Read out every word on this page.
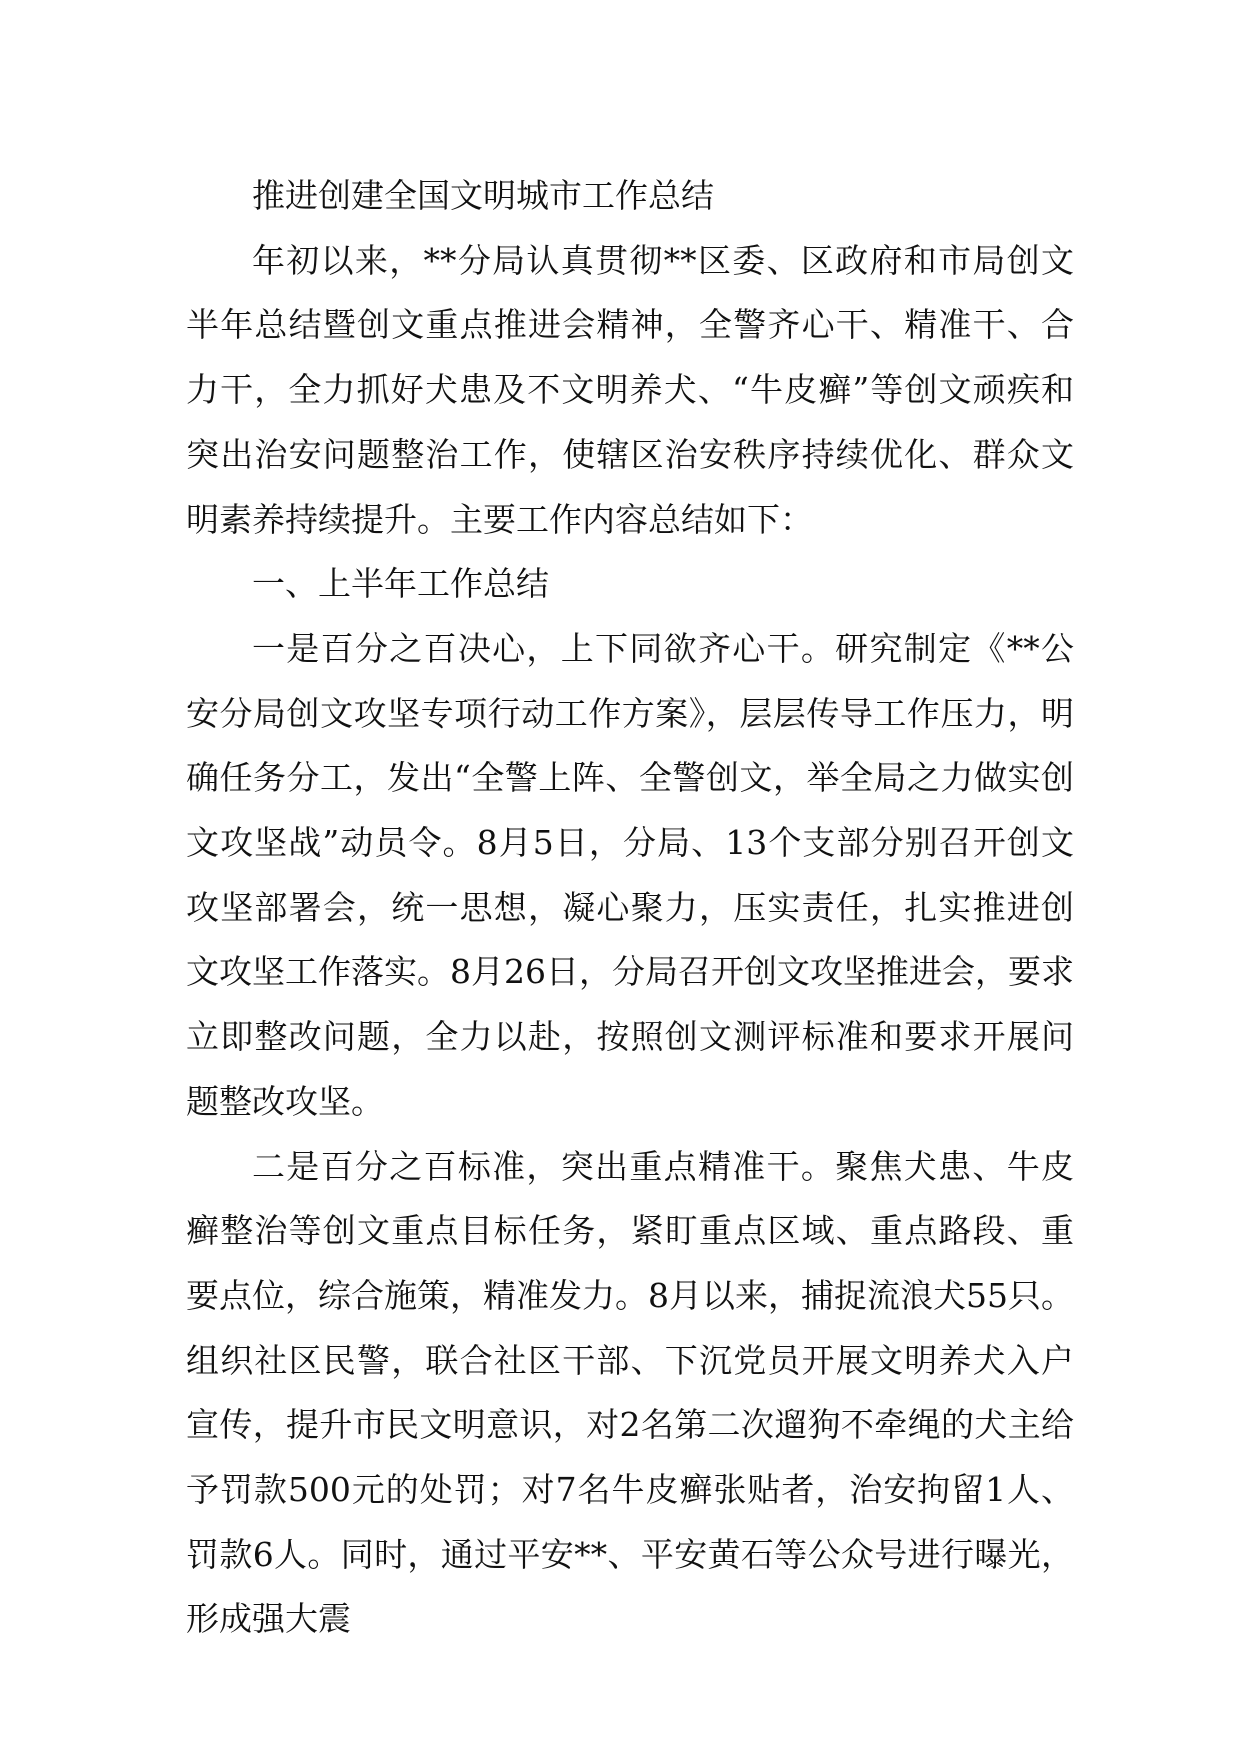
推进创建全国文明城市工作总结

年初以来，**分局认真贯彻**区委、区政府和市局创文半年总结暨创文重点推进会精神，全警齐心干、精准干、合力干，全力抓好犬患及不文明养犬、“牛皮癣”等创文顽疾和突出治安问题整治工作，使辖区治安秩序持续优化、群众文明素养持续提升。主要工作内容总结如下：

一、上半年工作总结

一是百分之百决心，上下同欲齐心干。研究制定《**公安分局创文攻坚专项行动工作方案》，层层传导工作压力，明确任务分工，发出“全警上阵、全警创文，举全局之力做实创文攻坚战”动员令。8月5日，分局、13个支部分别召开创文攻坚部署会，统一思想，凝心聚力，压实责任，扎实推进创文攻坚工作落实。8月26日，分局召开创文攻坚推进会，要求立即整改问题，全力以赴，按照创文测评标准和要求开展问题整改攻坚。

二是百分之百标准，突出重点精准干。聚焦犬患、牛皮癣整治等创文重点目标任务，紧盯重点区域、重点路段、重要点位，综合施策，精准发力。8月以来，捕捉流浪犬55只。组织社区民警，联合社区干部、下沉党员开展文明养犬入户宣传，提升市民文明意识，对2名第二次遛狗不牵绳的犬主给予罚款500元的处罚；对7名牛皮癣张贴者，治安拘留1人、罚款6人。同时，通过平安**、平安黄石等公众号进行曝光，形成强大震
